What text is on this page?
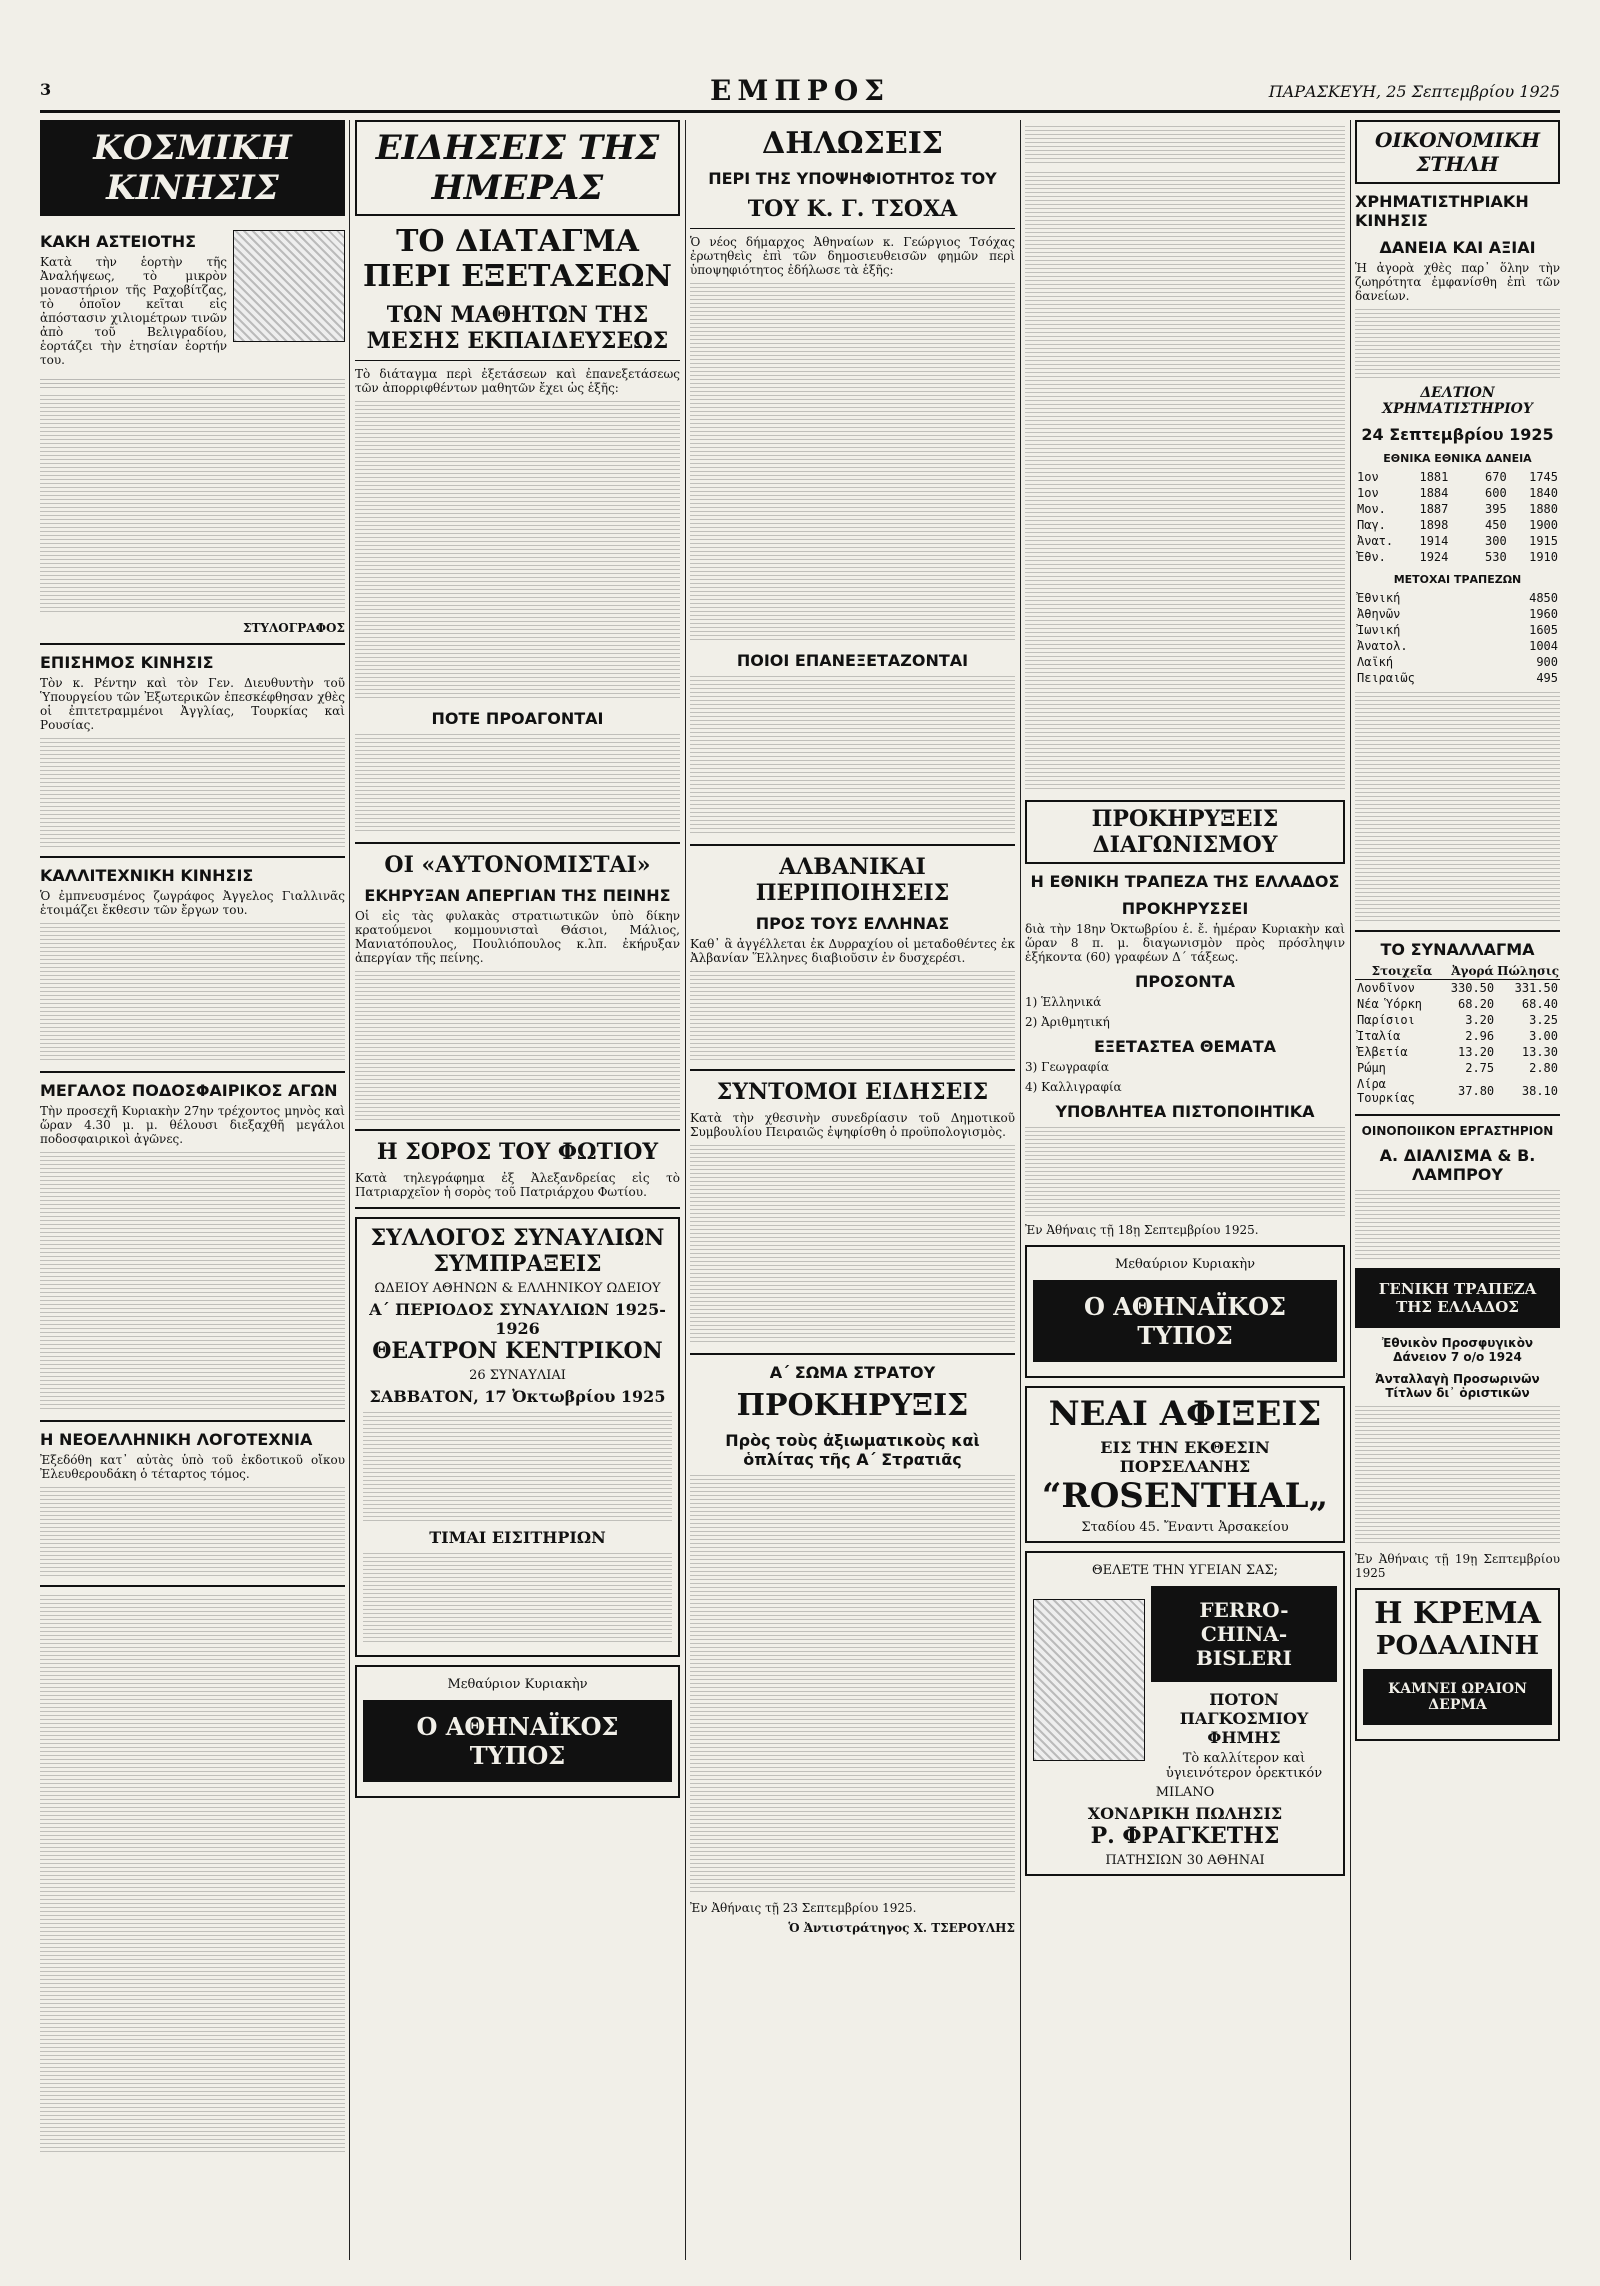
3	ΕΜΠΡΟΣ	ΠΑΡΑΣΚΕΥΗ, 25 Σεπτεμβρίου 1925
ΚΟΣΜΙΚΗ ΚΙΝΗΣΙΣ
ΚΑΚΗ ΑΣΤΕΙΟΤΗΣ

Κατὰ τὴν ἑορτὴν τῆς Ἀναλήψεως, τὸ μικρὸν μοναστήριον τῆς Ραχοβίτζας, τὸ ὁποῖον κεῖται εἰς ἀπόστασιν χιλιομέτρων τινῶν ἀπὸ τοῦ Βελιγραδίου, ἑορτάζει τὴν ἐτησίαν ἑορτήν του.

ΣΤΥΛΟΓΡΑΦΟΣ
ΕΠΙΣΗΜΟΣ ΚΙΝΗΣΙΣ

Τὸν κ. Ρέντην καὶ τὸν Γεν. Διευθυντὴν τοῦ Ὑπουργείου τῶν Ἐξωτερικῶν ἐπεσκέφθησαν χθὲς οἱ ἐπιτετραμμένοι Ἀγγλίας, Τουρκίας καὶ Ρουσίας.

ΚΑΛΛΙΤΕΧΝΙΚΗ ΚΙΝΗΣΙΣ

Ὁ ἐμπνευσμένος ζωγράφος Ἀγγελος Γιαλλινᾶς ἑτοιμάζει ἔκθεσιν τῶν ἔργων του.

ΜΕΓΑΛΟΣ ΠΟΔΟΣΦΑΙΡΙΚΟΣ ΑΓΩΝ

Τὴν προσεχῆ Κυριακὴν 27ην τρέχοντος μηνὸς καὶ ὥραν 4.30 μ. μ. θέλουσι διεξαχθῆ μεγάλοι ποδοσφαιρικοὶ ἀγῶνες.

Η ΝΕΟΕΛΛΗΝΙΚΗ ΛΟΓΟΤΕΧΝΙΑ

Ἐξεδόθη κατ᾽ αὐτὰς ὑπὸ τοῦ ἐκδοτικοῦ οἴκου Ἐλευθερουδάκη ὁ τέταρτος τόμος.

ΕΙΔΗΣΕΙΣ ΤΗΣ ΗΜΕΡΑΣ
ΤΟ ΔΙΑΤΑΓΜΑ ΠΕΡΙ ΕΞΕΤΑΣΕΩΝ
ΤΩΝ ΜΑΘΗΤΩΝ ΤΗΣ ΜΕΣΗΣ ΕΚΠΑΙΔΕΥΣΕΩΣ

Τὸ διάταγμα περὶ ἐξετάσεων καὶ ἐπανεξετάσεως τῶν ἀπορριφθέντων μαθητῶν ἔχει ὡς ἑξῆς:

ΠΟΤΕ ΠΡΟΑΓΟΝΤΑΙ
ΟΙ «ΑΥΤΟΝΟΜΙΣΤΑΙ»
ΕΚΗΡΥΞΑΝ ΑΠΕΡΓΙΑΝ ΤΗΣ ΠΕΙΝΗΣ

Οἱ εἰς τὰς φυλακὰς στρατιωτικῶν ὑπὸ δίκην κρατούμενοι κομμουνισταὶ Θάσιοι, Μάλιος, Μανιατόπουλος, Πουλιόπουλος κ.λπ. ἐκήρυξαν ἀπεργίαν τῆς πείνης.

Η ΣΟΡΟΣ ΤΟΥ ΦΩΤΙΟΥ

Κατὰ τηλεγράφημα ἐξ Ἀλεξανδρείας εἰς τὸ Πατριαρχεῖον ἡ σορὸς τοῦ Πατριάρχου Φωτίου.

ΣΥΛΛΟΓΟΣ ΣΥΝΑΥΛΙΩΝ
ΣΥΜΠΡΑΞΕΙΣ
ΩΔΕΙΟΥ ΑΘΗΝΩΝ & ΕΛΛΗΝΙΚΟΥ ΩΔΕΙΟΥ
Α΄ ΠΕΡΙΟΔΟΣ ΣΥΝΑΥΛΙΩΝ 1925-1926
ΘΕΑΤΡΟΝ ΚΕΝΤΡΙΚΟΝ
26 ΣΥΝΑΥΛΙΑΙ
ΣΑΒΒΑΤΟΝ, 17 Ὀκτωβρίου 1925
ΤΙΜΑΙ ΕΙΣΙΤΗΡΙΩΝ
Μεθαύριον Κυριακὴν
Ο ΑΘΗΝΑΪΚΟΣ ΤΥΠΟΣ
ΔΗΛΩΣΕΙΣ
ΠΕΡΙ ΤΗΣ ΥΠΟΨΗΦΙΟΤΗΤΟΣ ΤΟΥ
ΤΟΥ Κ. Γ. ΤΣΟΧΑ

Ὁ νέος δήμαρχος Ἀθηναίων κ. Γεώργιος Τσόχας ἐρωτηθεὶς ἐπὶ τῶν δημοσιευθεισῶν φημῶν περὶ ὑποψηφιότητος ἐδήλωσε τὰ ἑξῆς:

ΠΟΙΟΙ ΕΠΑΝΕΞΕΤΑΖΟΝΤΑΙ
ΑΛΒΑΝΙΚΑΙ ΠΕΡΙΠΟΙΗΣΕΙΣ
ΠΡΟΣ ΤΟΥΣ ΕΛΛΗΝΑΣ

Καθ᾽ ἃ ἀγγέλλεται ἐκ Δυρραχίου οἱ μεταδοθέντες ἐκ Ἀλβανίαν Ἕλληνες διαβιοῦσιν ἐν δυσχερέσι.

ΣΥΝΤΟΜΟΙ ΕΙΔΗΣΕΙΣ

Κατὰ τὴν χθεσινὴν συνεδρίασιν τοῦ Δημοτικοῦ Συμβουλίου Πειραιῶς ἐψηφίσθη ὁ προϋπολογισμὸς.

Α΄ ΣΩΜΑ ΣΤΡΑΤΟΥ
ΠΡΟΚΗΡΥΞΙΣ
Πρὸς τοὺς ἀξιωματικοὺς καὶ ὁπλίτας τῆς Α΄ Στρατιᾶς

Ἐν Ἀθήναις τῇ 23 Σεπτεμβρίου 1925.

Ὁ Ἀντιστράτηγος Χ. ΤΣΕΡΟΥΛΗΣ
ΠΡΟΚΗΡΥΞΕΙΣ ΔΙΑΓΩΝΙΣΜΟΥ
Η ΕΘΝΙΚΗ ΤΡΑΠΕΖΑ ΤΗΣ ΕΛΛΑΔΟΣ
ΠΡΟΚΗΡΥΣΣΕΙ

διὰ τὴν 18ην Ὀκτωβρίου ἑ. ἔ. ἡμέραν Κυριακὴν καὶ ὥραν 8 π. μ. διαγωνισμὸν πρὸς πρόσληψιν ἑξήκοντα (60) γραφέων Δ΄ τάξεως.

ΠΡΟΣΟΝΤΑ

1) Ἑλληνικά

2) Ἀριθμητική

ΕΞΕΤΑΣΤΕΑ ΘΕΜΑΤΑ

3) Γεωγραφία

4) Καλλιγραφία

ΥΠΟΒΛΗΤΕΑ ΠΙΣΤΟΠΟΙΗΤΙΚΑ

Ἐν Ἀθήναις τῇ 18ῃ Σεπτεμβρίου 1925.

Μεθαύριον Κυριακὴν
Ο ΑΘΗΝΑΪΚΟΣ ΤΥΠΟΣ
ΝΕΑΙ ΑΦΙΞΕΙΣ
ΕΙΣ ΤΗΝ ΕΚΘΕΣΙΝ ΠΟΡΣΕΛΑΝΗΣ
“ROSENTHAL„
Σταδίου 45. Ἔναντι Ἀρσακείου
ΘΕΛΕΤΕ ΤΗΝ ΥΓΕΙΑΝ ΣΑΣ;
FERRO-CHINA-BISLERI
ΠΟΤΟΝ ΠΑΓΚΟΣΜΙΟΥ ΦΗΜΗΣ
Τὸ καλλίτερον καὶ ὑγιεινότερον ὀρεκτικόν
MILANO
ΧΟΝΔΡΙΚΗ ΠΩΛΗΣΙΣ
Ρ. ΦΡΑΓΚΕΤΗΣ
ΠΑΤΗΣΙΩΝ 30 ΑΘΗΝΑΙ
ΟΙΚΟΝΟΜΙΚΗ ΣΤΗΛΗ
ΧΡΗΜΑΤΙΣΤΗΡΙΑΚΗ ΚΙΝΗΣΙΣ
ΔΑΝΕΙΑ ΚΑΙ ΑΞΙΑΙ

Ἡ ἀγορὰ χθὲς παρ᾽ ὅλην τὴν ζωηρότητα ἐμφανίσθη ἐπὶ τῶν δανείων.

ΔΕΛΤΙΟΝ ΧΡΗΜΑΤΙΣΤΗΡΙΟΥ
24 Σεπτεμβρίου 1925
ΕΘΝΙΚΑ ΕΘΝΙΚΑ ΔΑΝΕΙΑ
1ον	1881	670	1745
1ον	1884	600	1840
Μον.	1887	395	1880
Παγ.	1898	450	1900
Ἀνατ.	1914	300	1915
Ἐθν.	1924	530	1910
ΜΕΤΟΧΑΙ ΤΡΑΠΕΖΩΝ
Ἐθνική	4850
Ἀθηνῶν	1960
Ἰωνική	1605
Ἀνατολ.	1004
Λαϊκή	900
Πειραιῶς	495
ΤΟ ΣΥΝΑΛΛΑΓΜΑ
Στοιχεῖα	Ἀγορά	Πώλησις
Λονδῖνον	330.50	331.50
Νέα Ὑόρκη	68.20	68.40
Παρίσιοι	3.20	3.25
Ἰταλία	2.96	3.00
Ἐλβετία	13.20	13.30
Ρώμη	2.75	2.80
Λίρα Τουρκίας	37.80	38.10
ΟΙΝΟΠΟΙΙΚΟΝ ΕΡΓΑΣΤΗΡΙΟΝ
Α. ΔΙΑΛΙΣΜΑ & Β. ΛΑΜΠΡΟΥ
ΓΕΝΙΚΗ ΤΡΑΠΕΖΑ ΤΗΣ ΕΛΛΑΔΟΣ
Ἐθνικὸν Προσφυγικὸν Δάνειον 7 ο/ο 1924
Ἀνταλλαγὴ Προσωρινῶν Τίτλων δι᾽ ὁριστικῶν

Ἐν Ἀθήναις τῇ 19ῃ Σεπτεμβρίου 1925

Η ΚΡΕΜΑ
ΡΟΔΑΛΙΝΗ
ΚΑΜΝΕΙ ΩΡΑΙΟΝ ΔΕΡΜΑ
